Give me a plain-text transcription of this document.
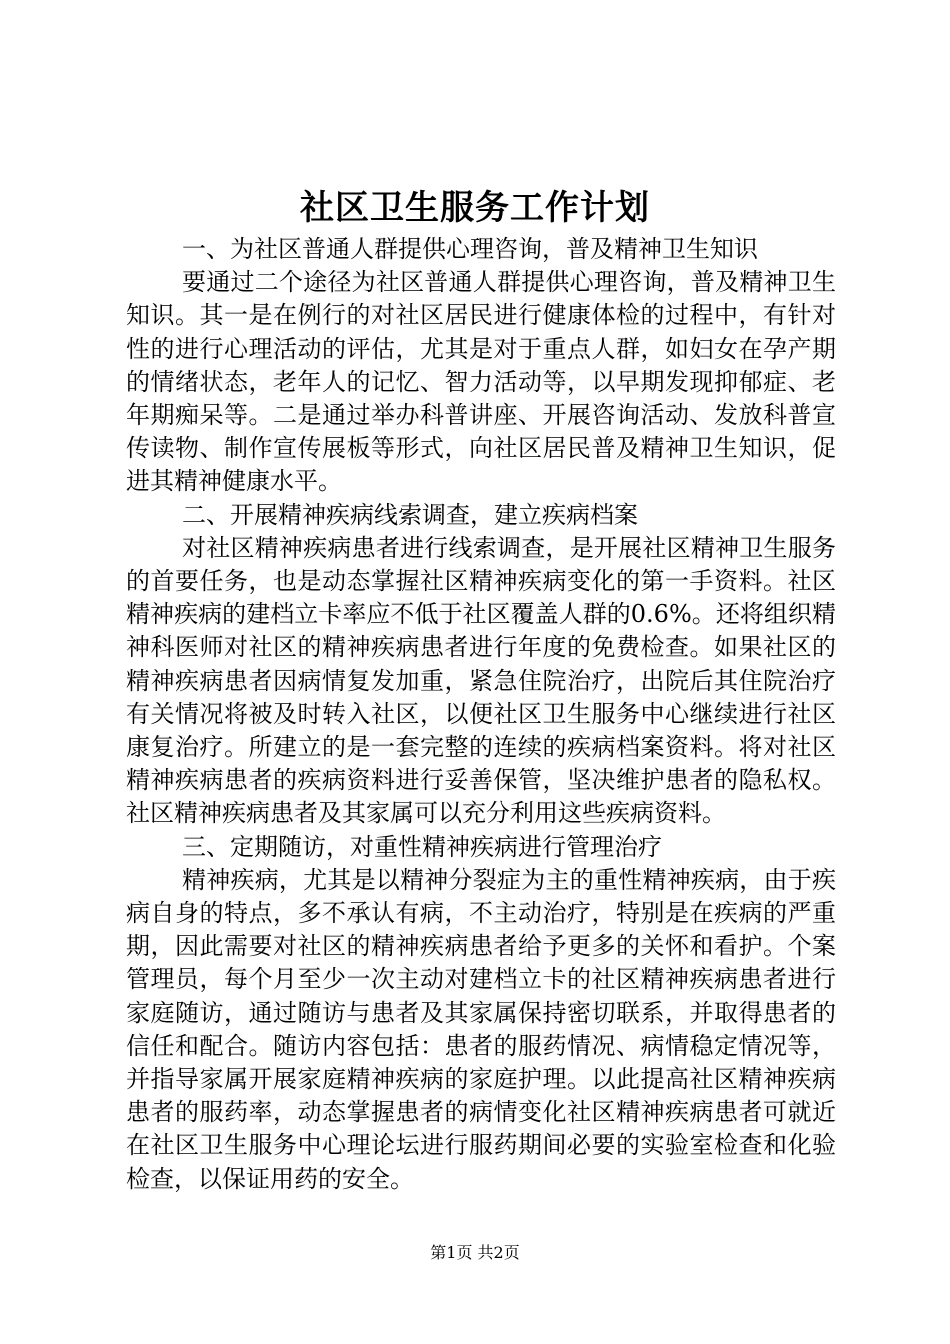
社区卫生服务工作计划

一、为社区普通人群提供心理咨询，普及精神卫生知识

要通过二个途径为社区普通人群提供心理咨询，普及精神卫生知识。其一是在例行的对社区居民进行健康体检的过程中，有针对性的进行心理活动的评估，尤其是对于重点人群，如妇女在孕产期的情绪状态，老年人的记忆、智力活动等，以早期发现抑郁症、老年期痴呆等。二是通过举办科普讲座、开展咨询活动、发放科普宣传读物、制作宣传展板等形式，向社区居民普及精神卫生知识，促进其精神健康水平。

二、开展精神疾病线索调查，建立疾病档案

对社区精神疾病患者进行线索调查，是开展社区精神卫生服务的首要任务，也是动态掌握社区精神疾病变化的第一手资料。社区精神疾病的建档立卡率应不低于社区覆盖人群的0.6%。还将组织精神科医师对社区的精神疾病患者进行年度的免费检查。如果社区的精神疾病患者因病情复发加重，紧急住院治疗，出院后其住院治疗有关情况将被及时转入社区，以便社区卫生服务中心继续进行社区康复治疗。所建立的是一套完整的连续的疾病档案资料。将对社区精神疾病患者的疾病资料进行妥善保管，坚决维护患者的隐私权。社区精神疾病患者及其家属可以充分利用这些疾病资料。

三、定期随访，对重性精神疾病进行管理治疗

精神疾病，尤其是以精神分裂症为主的重性精神疾病，由于疾病自身的特点，多不承认有病，不主动治疗，特别是在疾病的严重期，因此需要对社区的精神疾病患者给予更多的关怀和看护。个案管理员，每个月至少一次主动对建档立卡的社区精神疾病患者进行家庭随访，通过随访与患者及其家属保持密切联系，并取得患者的信任和配合。随访内容包括：患者的服药情况、病情稳定情况等，并指导家属开展家庭精神疾病的家庭护理。以此提高社区精神疾病患者的服药率，动态掌握患者的病情变化社区精神疾病患者可就近在社区卫生服务中心理论坛进行服药期间必要的实验室检查和化验检查，以保证用药的安全。

第1页 共2页
